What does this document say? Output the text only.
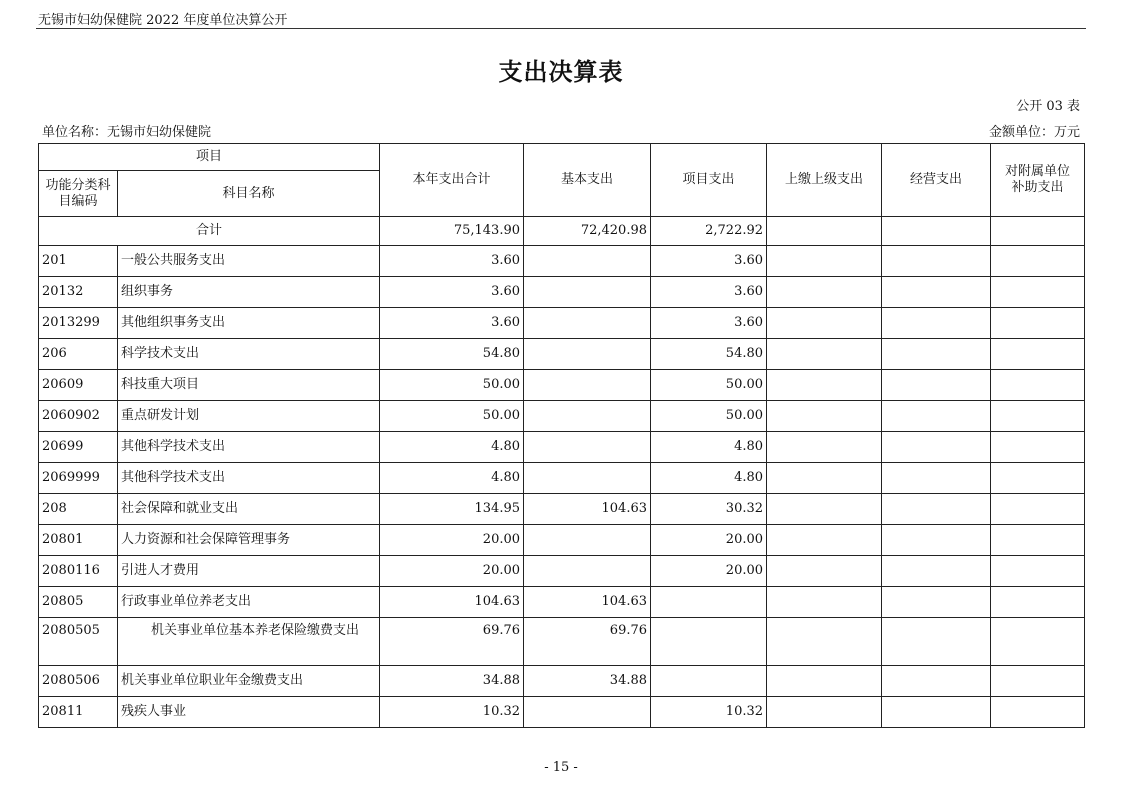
无锡市妇幼保健院 2022 年度单位决算公开
支出决算表
公开 03 表
单位名称：无锡市妇幼保健院	金额单位：万元
项目		本年支出合计	基本支出	项目支出	上缴上级支出	经营支出	对附属单位补助支出
功能分类科目编码	科目名称						
合计		75,143.90	72,420.98	2,722.92			
201	一般公共服务支出	3.60		3.60			
20132	组织事务	3.60		3.60			
2013299	其他组织事务支出	3.60		3.60			
206	科学技术支出	54.80		54.80			
20609	科技重大项目	50.00		50.00			
2060902	重点研发计划	50.00		50.00			
20699	其他科学技术支出	4.80		4.80			
2069999	其他科学技术支出	4.80		4.80			
208	社会保障和就业支出	134.95	104.63	30.32			
20801	人力资源和社会保障管理事务	20.00		20.00			
2080116	引进人才费用	20.00		20.00			
20805	行政事业单位养老支出	104.63	104.63				
2080505	机关事业单位基本养老保险缴费支出	69.76	69.76				
2080506	机关事业单位职业年金缴费支出	34.88	34.88				
20811	残疾人事业	10.32		10.32			
- 15 -
